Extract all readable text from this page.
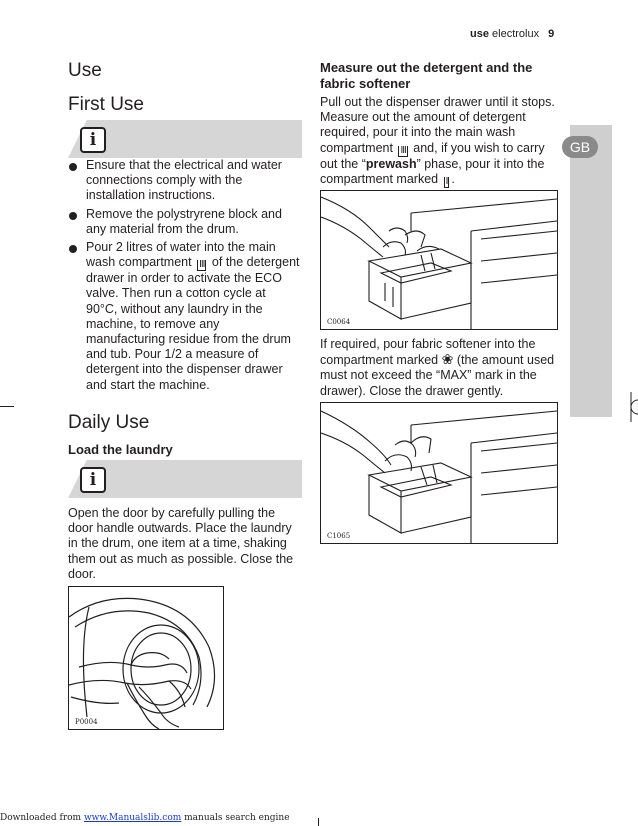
use electrolux 9
GB
Use
First Use
i
Ensure that the electrical and water connections comply with the installation instructions.
Remove the polystryrene block and any material from the drum.
Pour 2 litres of water into the main wash compartment III of the detergent drawer in order to activate the ECO valve. Then run a cotton cycle at 90°C, without any laundry in the machine, to remove any manufacturing residue from the drum and tub. Pour 1/2 a measure of detergent into the dispenser drawer and start the machine.
Daily Use
Load the laundry
i
Open the door by carefully pulling the door handle outwards. Place the laundry in the drum, one item at a time, shaking them out as much as possible. Close the door.
P0004
Measure out the detergent and the fabric softener
Pull out the dispenser drawer until it stops. Measure out the amount of detergent required, pour it into the main wash compartment III and, if you wish to carry out the “prewash” phase, pour it into the compartment marked I .
C0064
If required, pour fabric softener into the compartment marked ❀ (the amount used must not exceed the “MAX” mark in the drawer). Close the drawer gently.
C1065
Downloaded from www.Manualslib.com manuals search engine
